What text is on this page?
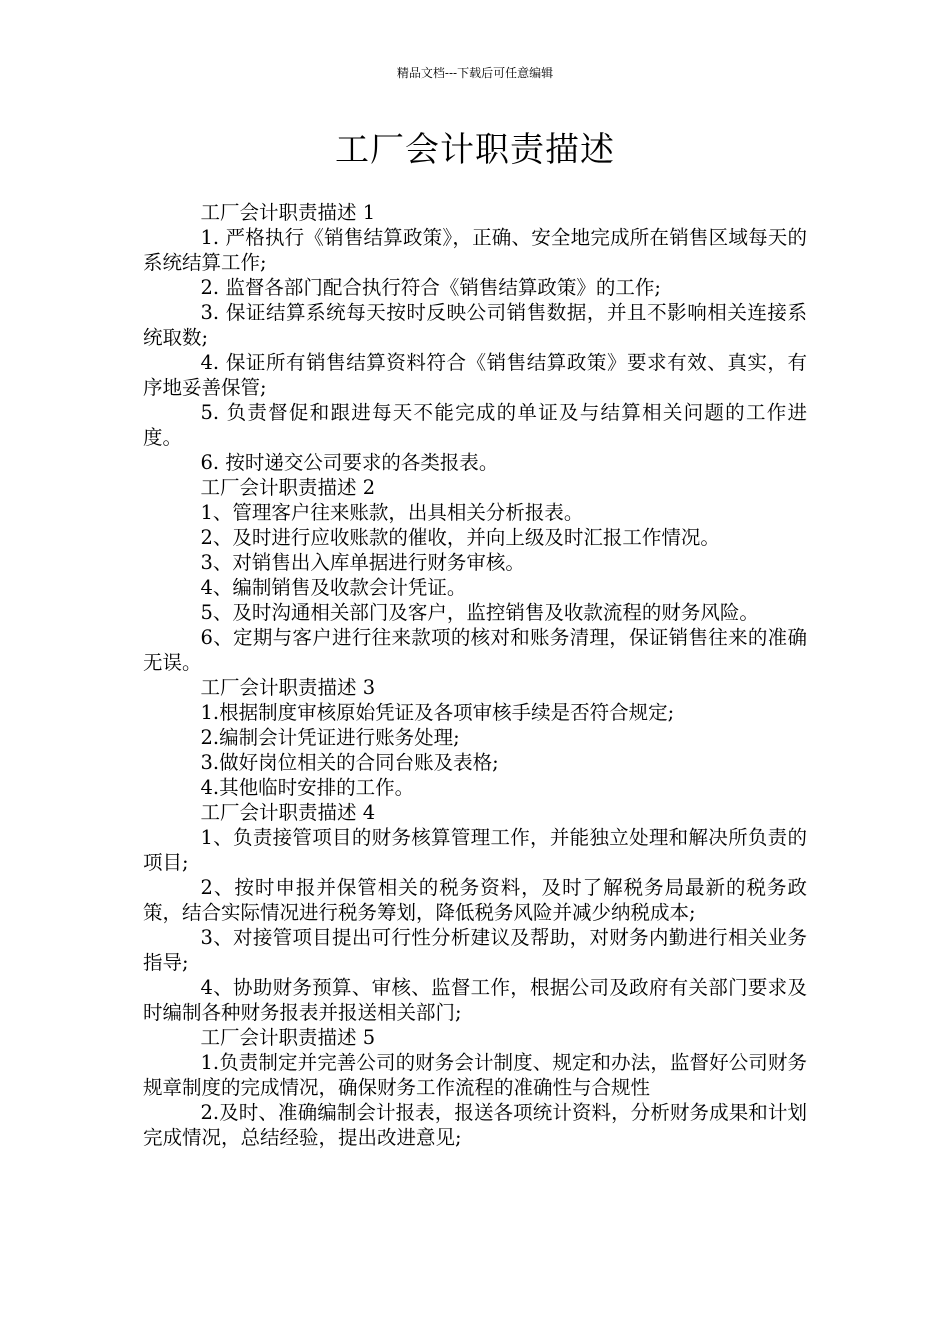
精品文档---下载后可任意编辑
工厂会计职责描述

工厂会计职责描述 1

1. 严格执行《销售结算政策》，正确、安全地完成所在销售区域每天的系统结算工作;

2. 监督各部门配合执行符合《销售结算政策》的工作;

3. 保证结算系统每天按时反映公司销售数据，并且不影响相关连接系统取数;

4. 保证所有销售结算资料符合《销售结算政策》要求有效、真实，有序地妥善保管;

5. 负责督促和跟进每天不能完成的单证及与结算相关问题的工作进度。

6. 按时递交公司要求的各类报表。

工厂会计职责描述 2

1、管理客户往来账款，出具相关分析报表。

2、及时进行应收账款的催收，并向上级及时汇报工作情况。

3、对销售出入库单据进行财务审核。

4、编制销售及收款会计凭证。

5、及时沟通相关部门及客户，监控销售及收款流程的财务风险。

6、定期与客户进行往来款项的核对和账务清理，保证销售往来的准确无误。

工厂会计职责描述 3

1.根据制度审核原始凭证及各项审核手续是否符合规定;

2.编制会计凭证进行账务处理;

3.做好岗位相关的合同台账及表格;

4.其他临时安排的工作。

工厂会计职责描述 4

1、负责接管项目的财务核算管理工作，并能独立处理和解决所负责的项目;

2、按时申报并保管相关的税务资料，及时了解税务局最新的税务政策，结合实际情况进行税务筹划，降低税务风险并减少纳税成本;

3、对接管项目提出可行性分析建议及帮助，对财务内勤进行相关业务指导;

4、协助财务预算、审核、监督工作，根据公司及政府有关部门要求及时编制各种财务报表并报送相关部门;

工厂会计职责描述 5

1.负责制定并完善公司的财务会计制度、规定和办法，监督好公司财务规章制度的完成情况，确保财务工作流程的准确性与合规性

2.及时、准确编制会计报表，报送各项统计资料，分析财务成果和计划完成情况，总结经验，提出改进意见;
